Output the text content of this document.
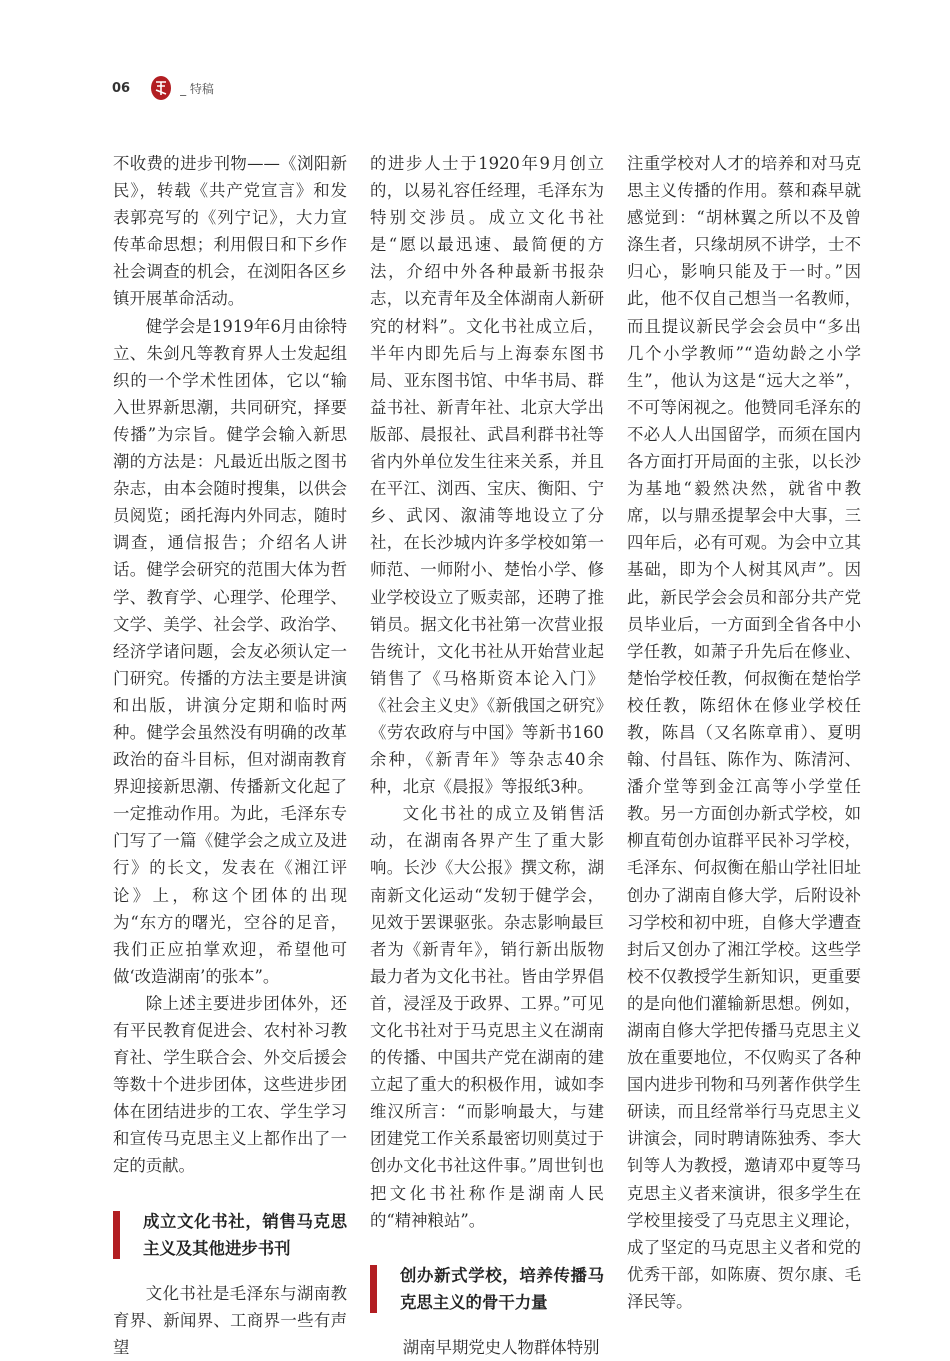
06	_ 特稿

不收费的进步刊物——《浏阳新民》，转载《共产党宣言》和发表郭亮写的《列宁记》，大力宣传革命思想；利用假日和下乡作社会调查的机会，在浏阳各区乡镇开展革命活动。

健学会是1919年6月由徐特立、朱剑凡等教育界人士发起组织的一个学术性团体，它以“输入世界新思潮，共同研究，择要传播”为宗旨。健学会输入新思潮的方法是：凡最近出版之图书杂志，由本会随时搜集，以供会员阅览；函托海内外同志，随时调查，通信报告；介绍名人讲话。健学会研究的范围大体为哲学、教育学、心理学、伦理学、文学、美学、社会学、政治学、经济学诸问题，会友必须认定一门研究。传播的方法主要是讲演和出版，讲演分定期和临时两种。健学会虽然没有明确的改革政治的奋斗目标，但对湖南教育界迎接新思潮、传播新文化起了一定推动作用。为此，毛泽东专门写了一篇《健学会之成立及进行》的长文，发表在《湘江评论》上，称这个团体的出现为“东方的曙光，空谷的足音，我们正应拍掌欢迎，希望他可做‘改造湖南’的张本”。

除上述主要进步团体外，还有平民教育促进会、农村补习教育社、学生联合会、外交后援会等数十个进步团体，这些进步团体在团结进步的工农、学生学习和宣传马克思主义上都作出了一定的贡献。

成立文化书社，销售马克思主义及其他进步书刊

文化书社是毛泽东与湖南教育界、新闻界、工商界一些有声望

的进步人士于1920年9月创立的，以易礼容任经理，毛泽东为特别交涉员。成立文化书社是“愿以最迅速、最简便的方法，介绍中外各种最新书报杂志，以充青年及全体湖南人新研究的材料”。文化书社成立后，半年内即先后与上海泰东图书局、亚东图书馆、中华书局、群益书社、新青年社、北京大学出版部、晨报社、武昌利群书社等省内外单位发生往来关系，并且在平江、浏西、宝庆、衡阳、宁乡、武冈、溆浦等地设立了分社，在长沙城内许多学校如第一师范、一师附小、楚怡小学、修业学校设立了贩卖部，还聘了推销员。据文化书社第一次营业报告统计，文化书社从开始营业起销售了《马格斯资本论入门》《社会主义史》《新俄国之研究》《劳农政府与中国》等新书160余种，《新青年》等杂志40余种，北京《晨报》等报纸3种。

文化书社的成立及销售活动，在湖南各界产生了重大影响。长沙《大公报》撰文称，湖南新文化运动“发轫于健学会，见效于罢课驱张。杂志影响最巨者为《新青年》，销行新出版物最力者为文化书社。皆由学界倡首，浸淫及于政界、工界。”可见文化书社对于马克思主义在湖南的传播、中国共产党在湖南的建立起了重大的积极作用，诚如李维汉所言：“而影响最大，与建团建党工作关系最密切则莫过于创办文化书社这件事。”周世钊也把文化书社称作是湖南人民的“精神粮站”。

创办新式学校，培养传播马克思主义的骨干力量

湖南早期党史人物群体特别

注重学校对人才的培养和对马克思主义传播的作用。蔡和森早就感觉到：“胡林翼之所以不及曾涤生者，只缘胡夙不讲学，士不归心，影响只能及于一时。”因此，他不仅自己想当一名教师，而且提议新民学会会员中“多出几个小学教师”“造幼龄之小学生”，他认为这是“远大之举”，不可等闲视之。他赞同毛泽东的不必人人出国留学，而须在国内各方面打开局面的主张，以长沙为基地“毅然决然，就省中教席，以与鼎丞提挈会中大事，三四年后，必有可观。为会中立其基础，即为个人树其风声”。因此，新民学会会员和部分共产党员毕业后，一方面到全省各中小学任教，如萧子升先后在修业、楚怡学校任教，何叔衡在楚怡学校任教，陈绍休在修业学校任教，陈昌（又名陈章甫）、夏明翰、付昌钰、陈作为、陈清河、潘介堂等到金江高等小学堂任教。另一方面创办新式学校，如柳直荀创办谊群平民补习学校，毛泽东、何叔衡在船山学社旧址创办了湖南自修大学，后附设补习学校和初中班，自修大学遭查封后又创办了湘江学校。这些学校不仅教授学生新知识，更重要的是向他们灌输新思想。例如，湖南自修大学把传播马克思主义放在重要地位，不仅购买了各种国内进步刊物和马列著作供学生研读，而且经常举行马克思主义讲演会，同时聘请陈独秀、李大钊等人为教授，邀请邓中夏等马克思主义者来演讲，很多学生在学校里接受了马克思主义理论，成了坚定的马克思主义者和党的优秀干部，如陈赓、贺尔康、毛泽民等。
